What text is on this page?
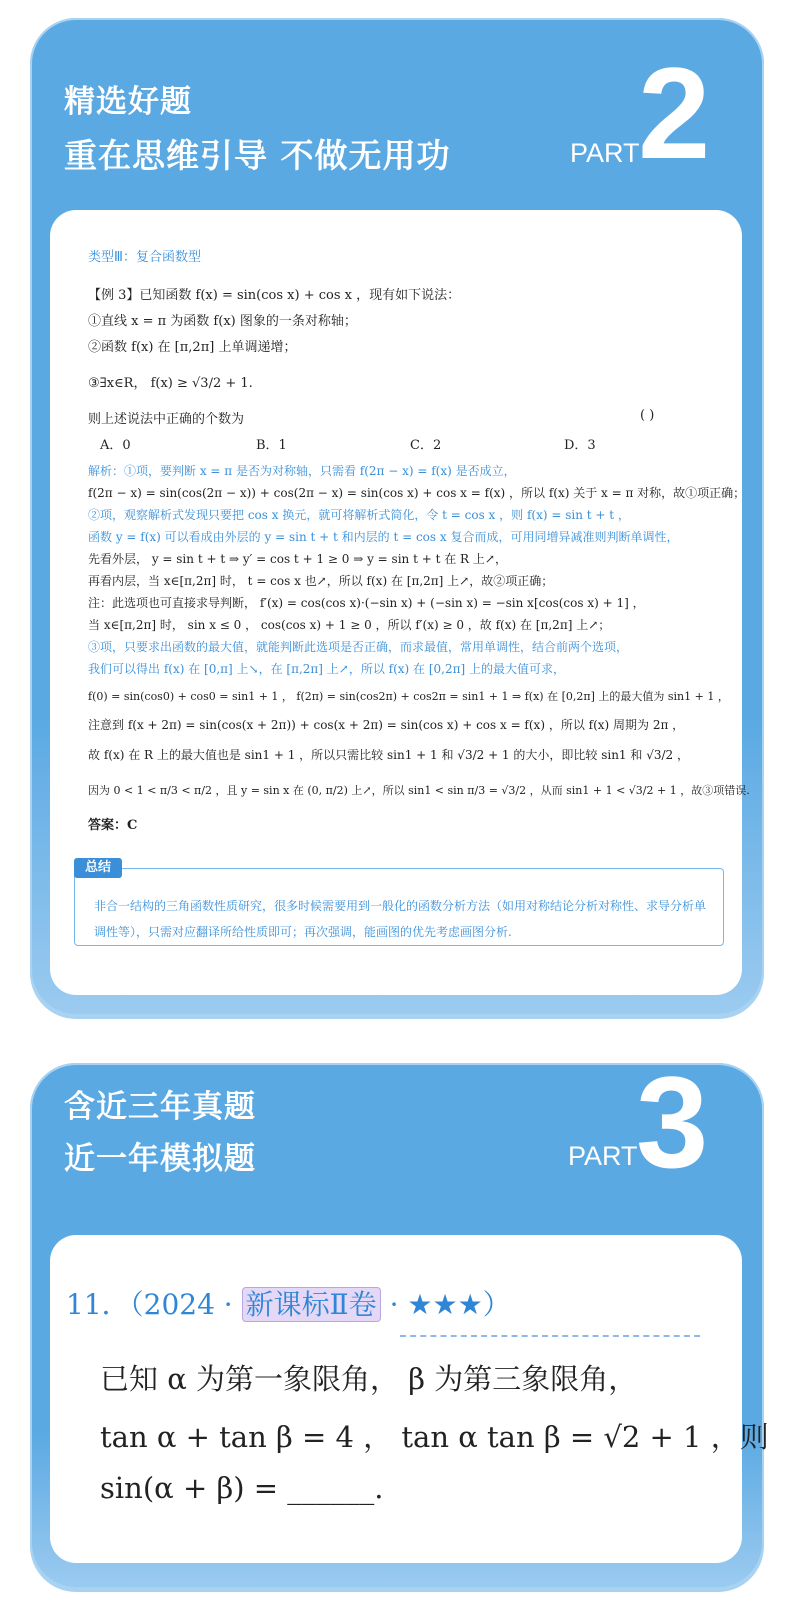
精选好题
重在思维引导 不做无用功	PART
2
类型Ⅲ：复合函数型
【例 3】已知函数 f(x) = sin(cos x) + cos x ，现有如下说法：
①直线 x = π 为函数 f(x) 图象的一条对称轴；
②函数 f(x) 在 [π,2π] 上单调递增；
③∃x∈R， f(x) ≥ √3/2 + 1.
则上述说法中正确的个数为	( )
A．0	B．1	C．2	D．3
解析：①项，要判断 x = π 是否为对称轴，只需看 f(2π − x) = f(x) 是否成立，
f(2π − x) = sin(cos(2π − x)) + cos(2π − x) = sin(cos x) + cos x = f(x) ，所以 f(x) 关于 x = π 对称，故①项正确；
②项，观察解析式发现只要把 cos x 换元，就可将解析式简化，令 t = cos x ，则 f(x) = sin t + t ，
函数 y = f(x) 可以看成由外层的 y = sin t + t 和内层的 t = cos x 复合而成，可用同增异减准则判断单调性，
先看外层， y = sin t + t ⇒ y′ = cos t + 1 ≥ 0 ⇒ y = sin t + t 在 R 上↗，
再看内层，当 x∈[π,2π] 时， t = cos x 也↗，所以 f(x) 在 [π,2π] 上↗，故②项正确；
注：此选项也可直接求导判断， f′(x) = cos(cos x)·(−sin x) + (−sin x) = −sin x[cos(cos x) + 1] ，
当 x∈[π,2π] 时， sin x ≤ 0 ， cos(cos x) + 1 ≥ 0 ，所以 f′(x) ≥ 0 ，故 f(x) 在 [π,2π] 上↗；
③项，只要求出函数的最大值，就能判断此选项是否正确，而求最值，常用单调性，结合前两个选项，
我们可以得出 f(x) 在 [0,π] 上↘，在 [π,2π] 上↗，所以 f(x) 在 [0,2π] 上的最大值可求，
f(0) = sin(cos0) + cos0 = sin1 + 1 ， f(2π) = sin(cos2π) + cos2π = sin1 + 1 ⇒ f(x) 在 [0,2π] 上的最大值为 sin1 + 1 ，
注意到 f(x + 2π) = sin(cos(x + 2π)) + cos(x + 2π) = sin(cos x) + cos x = f(x) ，所以 f(x) 周期为 2π ，
故 f(x) 在 R 上的最大值也是 sin1 + 1 ，所以只需比较 sin1 + 1 和 √3/2 + 1 的大小，即比较 sin1 和 √3/2 ，
因为 0 < 1 < π/3 < π/2 ，且 y = sin x 在 (0, π/2) 上↗，所以 sin1 < sin π/3 = √3/2 ，从而 sin1 + 1 < √3/2 + 1 ，故③项错误.
答案：C
总结
非合一结构的三角函数性质研究，很多时候需要用到一般化的函数分析方法（如用对称结论分析对称性、求导分析单调性等），只需对应翻译所给性质即可；再次强调，能画图的优先考虑画图分析.
含近三年真题
近一年模拟题	PART
3
11．（2024 · 新课标Ⅱ卷 · ★★★）
已知 α 为第一象限角， β 为第三象限角，
tan α + tan β = 4 ， tan α tan β = √2 + 1 ，则
sin(α + β) = ______.
